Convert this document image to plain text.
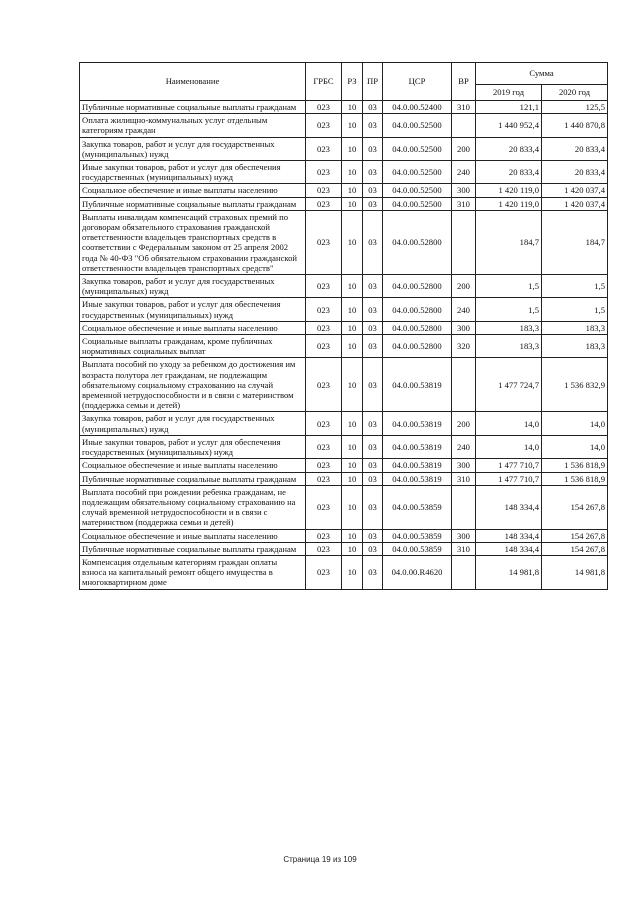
Наименование	ГРБС	РЗ	ПР	ЦСР	ВР	Сумма	
						2019 год	2020 год
Публичные нормативные социальные выплаты гражданам	023	10	03	04.0.00.52400	310	121,1	125,5
Оплата жилищно-коммунальных услуг отдельным категориям граждан	023	10	03	04.0.00.52500		1 440 952,4	1 440 870,8
Закупка товаров, работ и услуг для государственных (муниципальных) нужд	023	10	03	04.0.00.52500	200	20 833,4	20 833,4
Иные закупки товаров, работ и услуг для обеспечения государственных (муниципальных) нужд	023	10	03	04.0.00.52500	240	20 833,4	20 833,4
Социальное обеспечение и иные выплаты населению	023	10	03	04.0.00.52500	300	1 420 119,0	1 420 037,4
Публичные нормативные социальные выплаты гражданам	023	10	03	04.0.00.52500	310	1 420 119,0	1 420 037,4
Выплаты инвалидам компенсаций страховых премий по договорам обязательного страхования гражданской ответственности владельцев транспортных средств в соответствии с Федеральным законом от 25 апреля 2002 года № 40-ФЗ "Об обязательном страховании гражданской ответственности владельцев транспортных средств"	023	10	03	04.0.00.52800		184,7	184,7
Закупка товаров, работ и услуг для государственных (муниципальных) нужд	023	10	03	04.0.00.52800	200	1,5	1,5
Иные закупки товаров, работ и услуг для обеспечения государственных (муниципальных) нужд	023	10	03	04.0.00.52800	240	1,5	1,5
Социальное обеспечение и иные выплаты населению	023	10	03	04.0.00.52800	300	183,3	183,3
Социальные выплаты гражданам, кроме публичных нормативных социальных выплат	023	10	03	04.0.00.52800	320	183,3	183,3
Выплата пособий по уходу за ребенком до достижения им возраста полутора лет гражданам, не подлежащим обязательному социальному страхованию на случай временной нетрудоспособности и в связи с материнством (поддержка семьи и детей)	023	10	03	04.0.00.53819		1 477 724,7	1 536 832,9
Закупка товаров, работ и услуг для государственных (муниципальных) нужд	023	10	03	04.0.00.53819	200	14,0	14,0
Иные закупки товаров, работ и услуг для обеспечения государственных (муниципальных) нужд	023	10	03	04.0.00.53819	240	14,0	14,0
Социальное обеспечение и иные выплаты населению	023	10	03	04.0.00.53819	300	1 477 710,7	1 536 818,9
Публичные нормативные социальные выплаты гражданам	023	10	03	04.0.00.53819	310	1 477 710,7	1 536 818,9
Выплата пособий при рождении ребенка гражданам, не подлежащим обязательному социальному страхованию на случай временной нетрудоспособности и в связи с материнством (поддержка семьи и детей)	023	10	03	04.0.00.53859		148 334,4	154 267,8
Социальное обеспечение и иные выплаты населению	023	10	03	04.0.00.53859	300	148 334,4	154 267,8
Публичные нормативные социальные выплаты гражданам	023	10	03	04.0.00.53859	310	148 334,4	154 267,8
Компенсация отдельным категориям граждан оплаты взноса на капитальный ремонт общего имущества в многоквартирном доме	023	10	03	04.0.00.R4620		14 981,8	14 981,8
Страница 19 из 109
